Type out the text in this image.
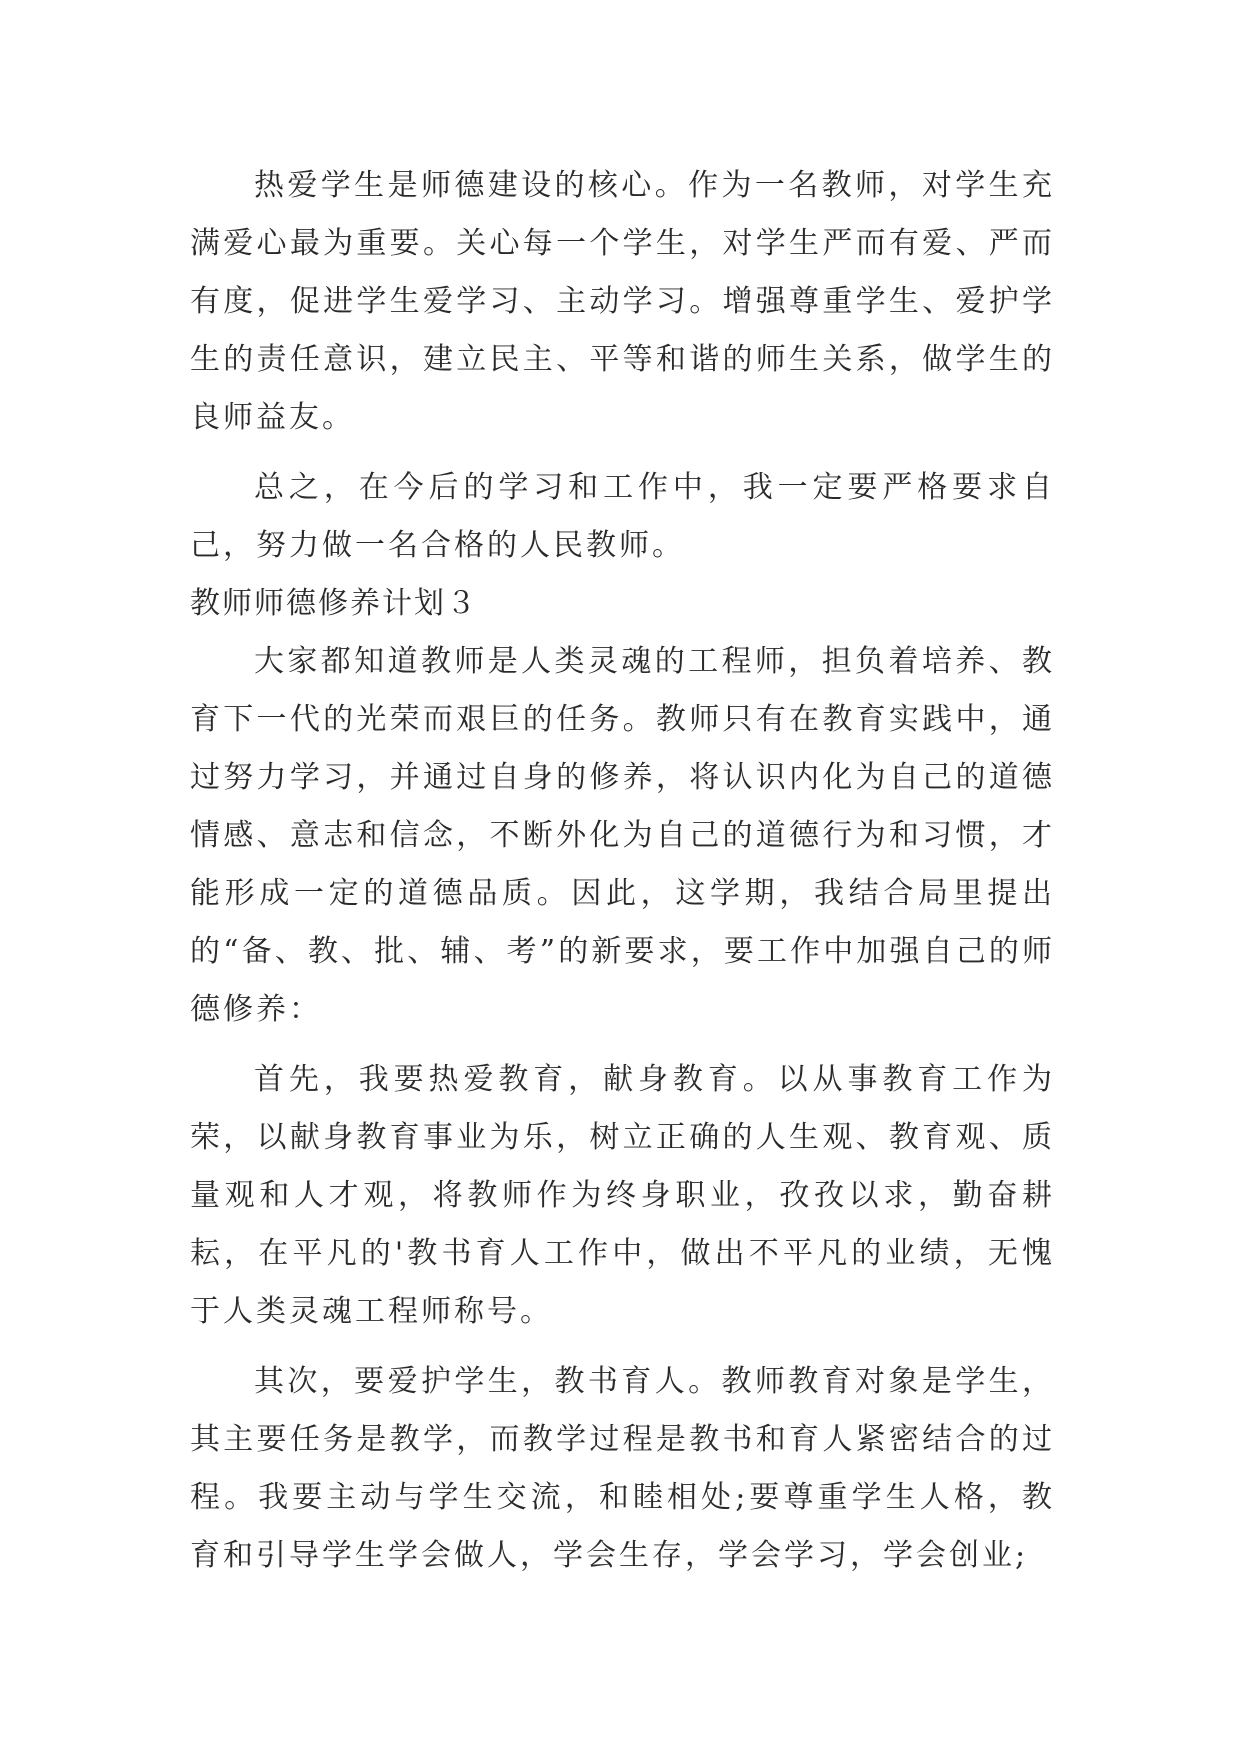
热爱学生是师德建设的核心。作为一名教师，对学生充满爱心最为重要。关心每一个学生，对学生严而有爱、严而有度，促进学生爱学习、主动学习。增强尊重学生、爱护学生的责任意识，建立民主、平等和谐的师生关系，做学生的良师益友。

总之，在今后的学习和工作中，我一定要严格要求自己，努力做一名合格的人民教师。

教师师德修养计划３

大家都知道教师是人类灵魂的工程师，担负着培养、教育下一代的光荣而艰巨的任务。教师只有在教育实践中，通过努力学习，并通过自身的修养，将认识内化为自己的道德情感、意志和信念，不断外化为自己的道德行为和习惯，才能形成一定的道德品质。因此，这学期，我结合局里提出的“备、教、批、辅、考”的新要求，要工作中加强自己的师德修养：

首先，我要热爱教育，献身教育。以从事教育工作为荣，以献身教育事业为乐，树立正确的人生观、教育观、质量观和人才观，将教师作为终身职业，孜孜以求，勤奋耕耘，在平凡的'教书育人工作中，做出不平凡的业绩，无愧于人类灵魂工程师称号。

其次，要爱护学生，教书育人。教师教育对象是学生，其主要任务是教学，而教学过程是教书和育人紧密结合的过程。我要主动与学生交流，和睦相处;要尊重学生人格，教育和引导学生学会做人，学会生存，学会学习，学会创业;
